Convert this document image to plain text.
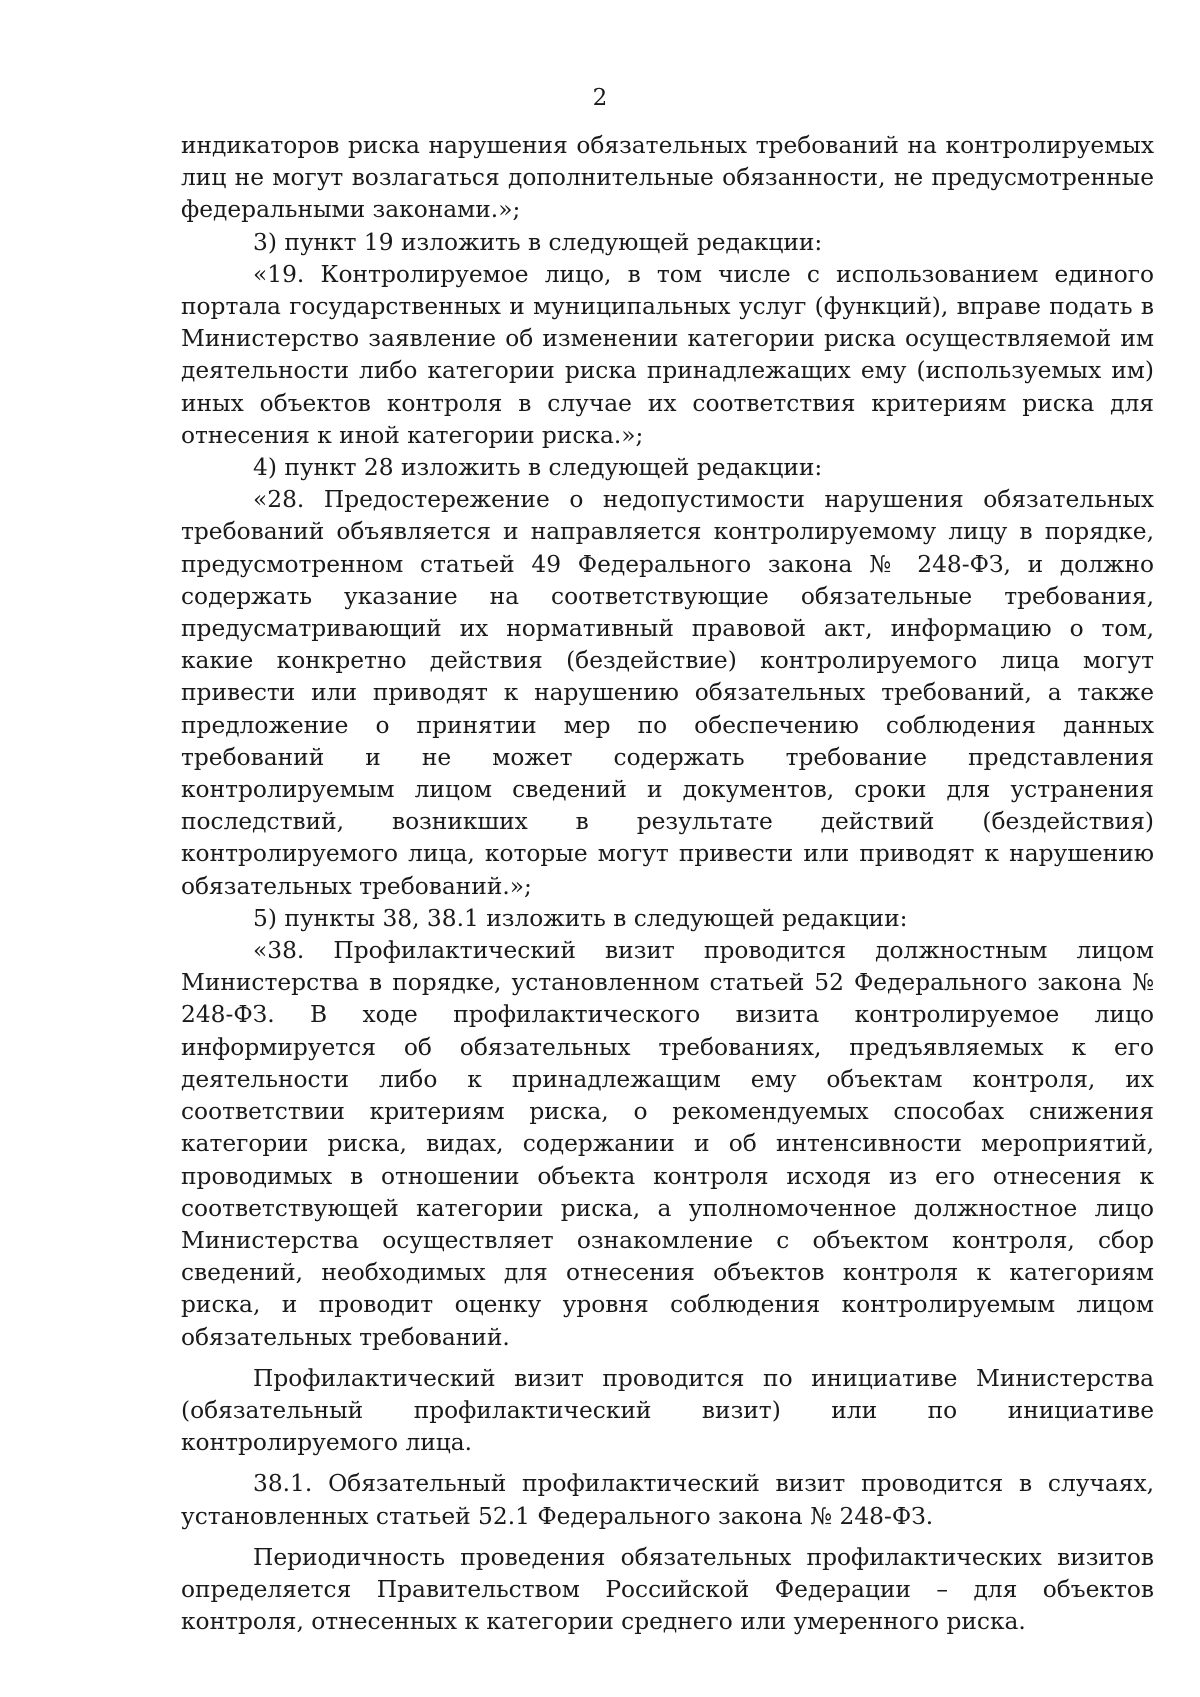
2

индикаторов риска нарушения обязательных требований на контролируемых лиц не могут возлагаться дополнительные обязанности, не предусмотренные федеральными законами.»;

3) пункт 19 изложить в следующей редакции:

«19. Контролируемое лицо, в том числе с использованием единого портала государственных и муниципальных услуг (функций), вправе подать в Министерство заявление об изменении категории риска осуществляемой им деятельности либо категории риска принадлежащих ему (используемых им) иных объектов контроля в случае их соответствия критериям риска для отнесения к иной категории риска.»;

4) пункт 28 изложить в следующей редакции:

«28. Предостережение о недопустимости нарушения обязательных требований объявляется и направляется контролируемому лицу в порядке, предусмотренном статьей 49 Федерального закона № 248-ФЗ, и должно содержать указание на соответствующие обязательные требования, предусматривающий их нормативный правовой акт, информацию о том, какие конкретно действия (бездействие) контролируемого лица могут привести или приводят к нарушению обязательных требований, а также предложение о принятии мер по обеспечению соблюдения данных требований и не может содержать требование представления контролируемым лицом сведений и документов, сроки для устранения последствий, возникших в результате действий (бездействия) контролируемого лица, которые могут привести или приводят к нарушению обязательных требований.»;

5) пункты 38, 38.1 изложить в следующей редакции:

«38. Профилактический визит проводится должностным лицом Министерства в порядке, установленном статьей 52 Федерального закона № 248-ФЗ. В ходе профилактического визита контролируемое лицо информируется об обязательных требованиях, предъявляемых к его деятельности либо к принадлежащим ему объектам контроля, их соответствии критериям риска, о рекомендуемых способах снижения категории риска, видах, содержании и об интенсивности мероприятий, проводимых в отношении объекта контроля исходя из его отнесения к соответствующей категории риска, а уполномоченное должностное лицо Министерства осуществляет ознакомление с объектом контроля, сбор сведений, необходимых для отнесения объектов контроля к категориям риска, и проводит оценку уровня соблюдения контролируемым лицом обязательных требований.

Профилактический визит проводится по инициативе Министерства (обязательный профилактический визит) или по инициативе контролируемого лица.

38.1. Обязательный профилактический визит проводится в случаях, установленных статьей 52.1 Федерального закона № 248-ФЗ.

Периодичность проведения обязательных профилактических визитов определяется Правительством Российской Федерации – для объектов контроля, отнесенных к категории среднего или умеренного риска.
